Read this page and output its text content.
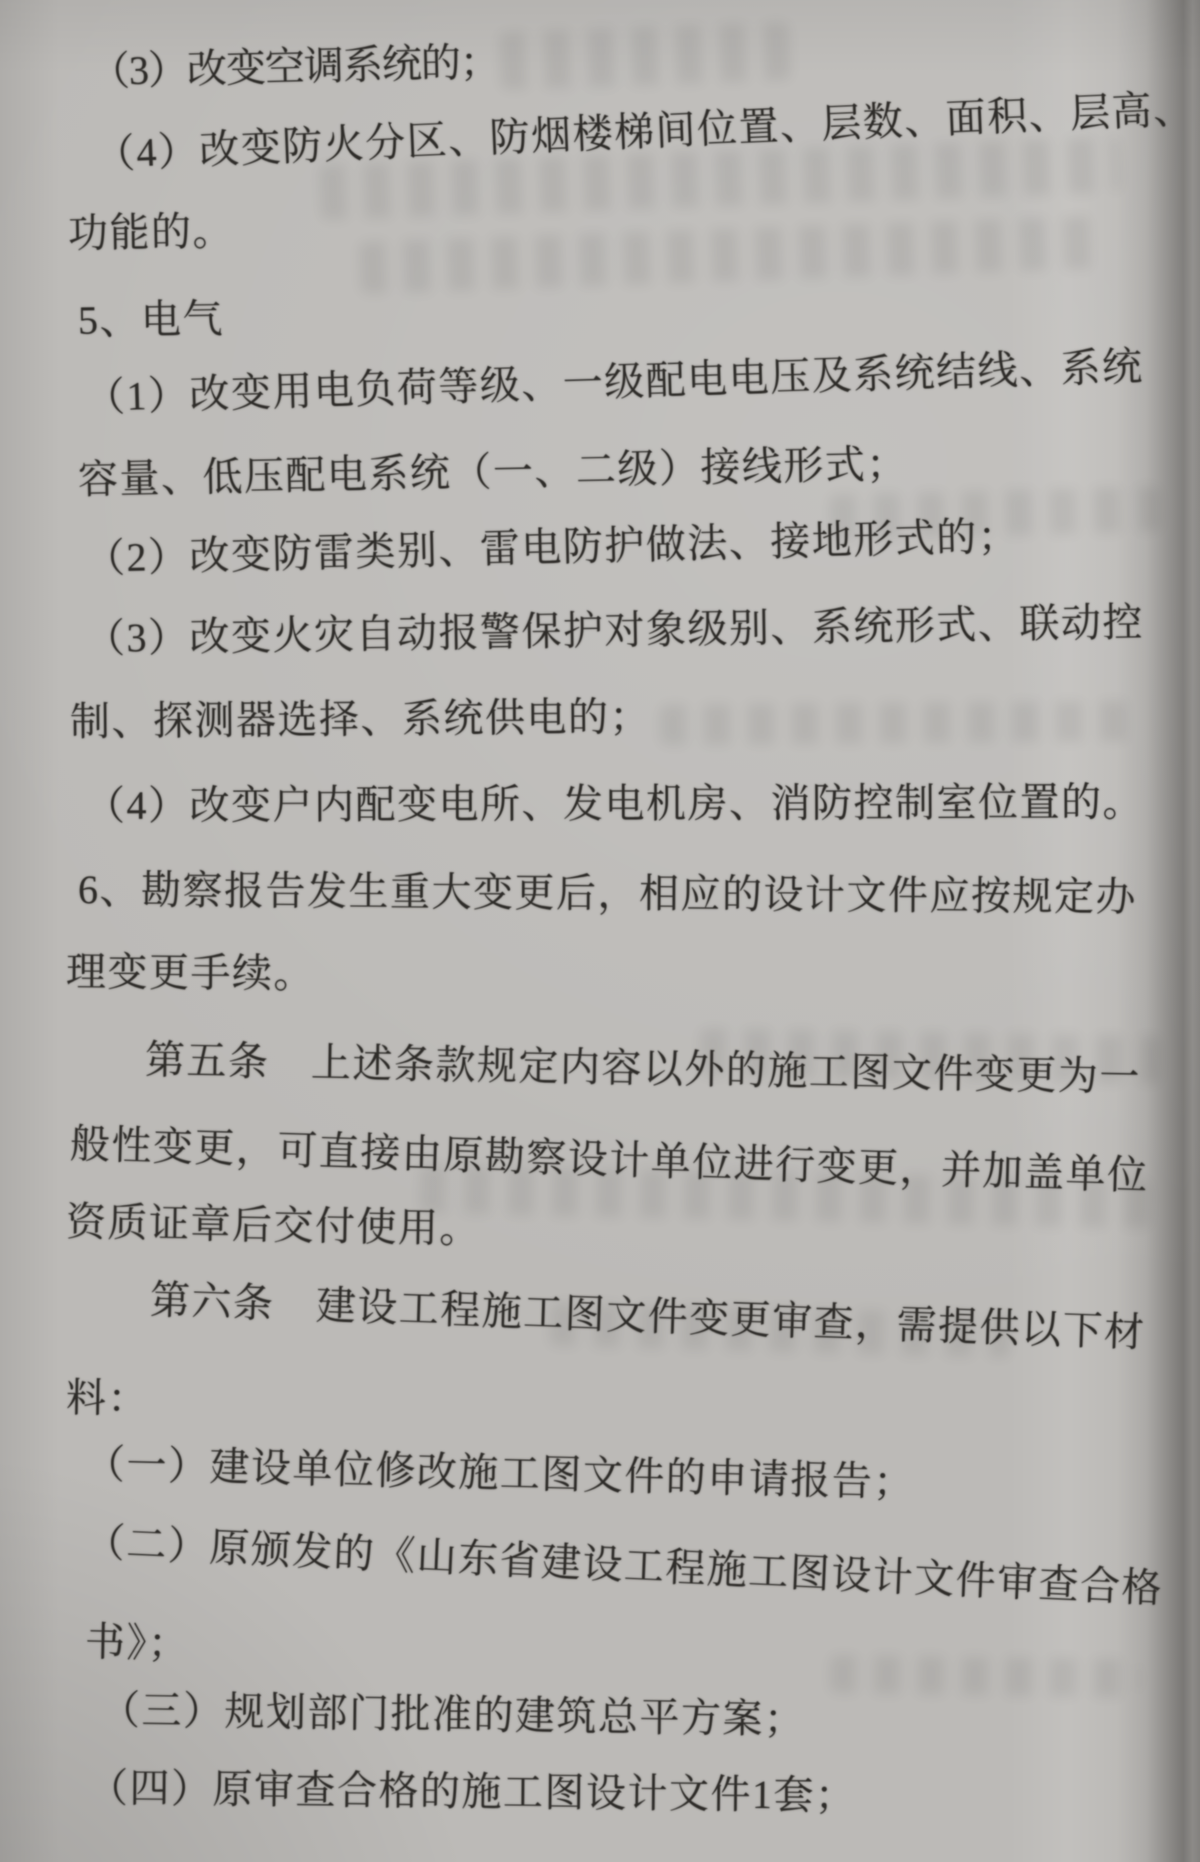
（3）改变空调系统的；
（4）改变防火分区、防烟楼梯间位置、层数、面积、层高、
功能的。
5、电气
（1）改变用电负荷等级、一级配电电压及系统结线、系统
容量、低压配电系统（一、二级）接线形式；
（2）改变防雷类别、雷电防护做法、接地形式的；
（3）改变火灾自动报警保护对象级别、系统形式、联动控
制、探测器选择、系统供电的；
（4）改变户内配变电所、发电机房、消防控制室位置的。
6、勘察报告发生重大变更后，相应的设计文件应按规定办
理变更手续。
第五条　上述条款规定内容以外的施工图文件变更为一
般性变更，可直接由原勘察设计单位进行变更，并加盖单位
资质证章后交付使用。
第六条　建设工程施工图文件变更审查，需提供以下材
料：
（一）建设单位修改施工图文件的申请报告；
（二）原颁发的《山东省建设工程施工图设计文件审查合格
书》；
（三）规划部门批准的建筑总平方案；
（四）原审查合格的施工图设计文件1套；
